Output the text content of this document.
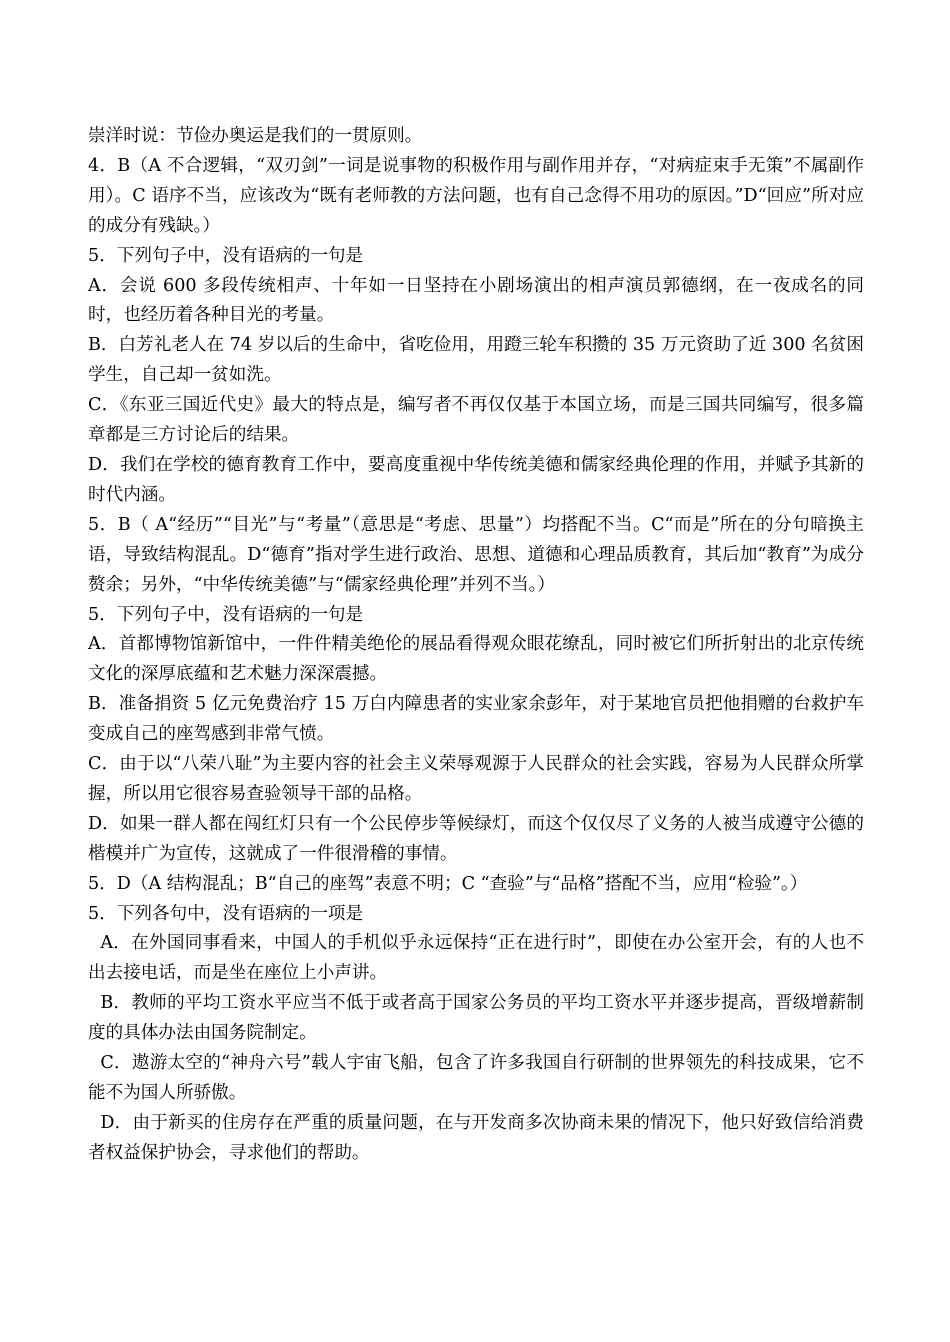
崇洋时说：节俭办奥运是我们的一贯原则。

4．B（A 不合逻辑，“双刃剑”一词是说事物的积极作用与副作用并存，“对病症束手无策”不属副作用）。C 语序不当，应该改为“既有老师教的方法问题，也有自己念得不用功的原因。”D“回应”所对应的成分有残缺。）

5．下列句子中，没有语病的一句是

A．会说 600 多段传统相声、十年如一日坚持在小剧场演出的相声演员郭德纲，在一夜成名的同时，也经历着各种目光的考量。

B．白芳礼老人在 74 岁以后的生命中，省吃俭用，用蹬三轮车积攒的 35 万元资助了近 300 名贫困学生，自己却一贫如洗。

C．《东亚三国近代史》最大的特点是，编写者不再仅仅基于本国立场，而是三国共同编写，很多篇章都是三方讨论后的结果。

D．我们在学校的德育教育工作中，要高度重视中华传统美德和儒家经典伦理的作用，并赋予其新的时代内涵。

5．B（ A“经历”“目光”与“考量”（意思是“考虑、思量”）均搭配不当。C“而是”所在的分句暗换主语，导致结构混乱。D“德育”指对学生进行政治、思想、道德和心理品质教育，其后加“教育”为成分赘余；另外，“中华传统美德”与“儒家经典伦理”并列不当。）

5．下列句子中，没有语病的一句是

A．首都博物馆新馆中，一件件精美绝伦的展品看得观众眼花缭乱，同时被它们所折射出的北京传统文化的深厚底蕴和艺术魅力深深震撼。

B．准备捐资 5 亿元免费治疗 15 万白内障患者的实业家余彭年，对于某地官员把他捐赠的台救护车变成自己的座驾感到非常气愤。

C．由于以“八荣八耻”为主要内容的社会主义荣辱观源于人民群众的社会实践，容易为人民群众所掌握，所以用它很容易查验领导干部的品格。

D．如果一群人都在闯红灯只有一个公民停步等候绿灯，而这个仅仅尽了义务的人被当成遵守公德的楷模并广为宣传，这就成了一件很滑稽的事情。

5．D（A 结构混乱；B“自己的座驾”表意不明；C “查验”与“品格”搭配不当，应用“检验”。）

5．下列各句中，没有语病的一项是

A．在外国同事看来，中国人的手机似乎永远保持“正在进行时”，即使在办公室开会，有的人也不出去接电话，而是坐在座位上小声讲。

B．教师的平均工资水平应当不低于或者高于国家公务员的平均工资水平并逐步提高，晋级增薪制度的具体办法由国务院制定。

C．遨游太空的“神舟六号”载人宇宙飞船，包含了许多我国自行研制的世界领先的科技成果，它不能不为国人所骄傲。

D．由于新买的住房存在严重的质量问题，在与开发商多次协商未果的情况下，他只好致信给消费者权益保护协会，寻求他们的帮助。
